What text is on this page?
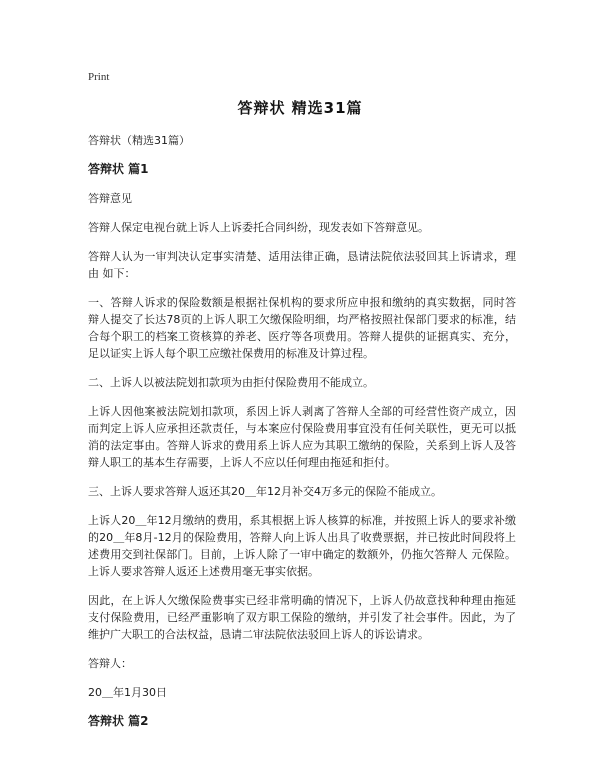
Print
答辩状 精选31篇

答辩状（精选31篇）

答辩状 篇1

答辩意见

答辩人保定电视台就上诉人上诉委托合同纠纷，现发表如下答辩意见。

答辩人认为一审判决认定事实清楚、适用法律正确，恳请法院依法驳回其上诉请求，理由 如下：

一、答辩人诉求的保险数额是根据社保机构的要求所应申报和缴纳的真实数据，同时答辩人提交了长达78页的上诉人职工欠缴保险明细，均严格按照社保部门要求的标准，结合每个职工的档案工资核算的养老、医疗等各项费用。答辩人提供的证据真实、充分，足以证实上诉人每个职工应缴社保费用的标准及计算过程。

二、上诉人以被法院划扣款项为由拒付保险费用不能成立。

上诉人因他案被法院划扣款项，系因上诉人剥离了答辩人全部的可经营性资产成立，因而判定上诉人应承担还款责任，与本案应付保险费用事宜没有任何关联性，更无可以抵消的法定事由。答辩人诉求的费用系上诉人应为其职工缴纳的保险，关系到上诉人及答辩人职工的基本生存需要，上诉人不应以任何理由拖延和拒付。

三、上诉人要求答辩人返还其20＿年12月补交4万多元的保险不能成立。

上诉人20＿年12月缴纳的费用，系其根据上诉人核算的标准，并按照上诉人的要求补缴的20＿年8月-12月的保险费用，答辩人向上诉人出具了收费票据，并已按此时间段将上述费用交到社保部门。目前，上诉人除了一审中确定的数额外，仍拖欠答辩人 元保险。上诉人要求答辩人返还上述费用毫无事实依据。

因此，在上诉人欠缴保险费事实已经非常明确的情况下，上诉人仍故意找种种理由拖延支付保险费用，已经严重影响了双方职工保险的缴纳，并引发了社会事件。因此，为了维护广大职工的合法权益，恳请二审法院依法驳回上诉人的诉讼请求。

答辩人：

20＿年1月30日

答辩状 篇2
